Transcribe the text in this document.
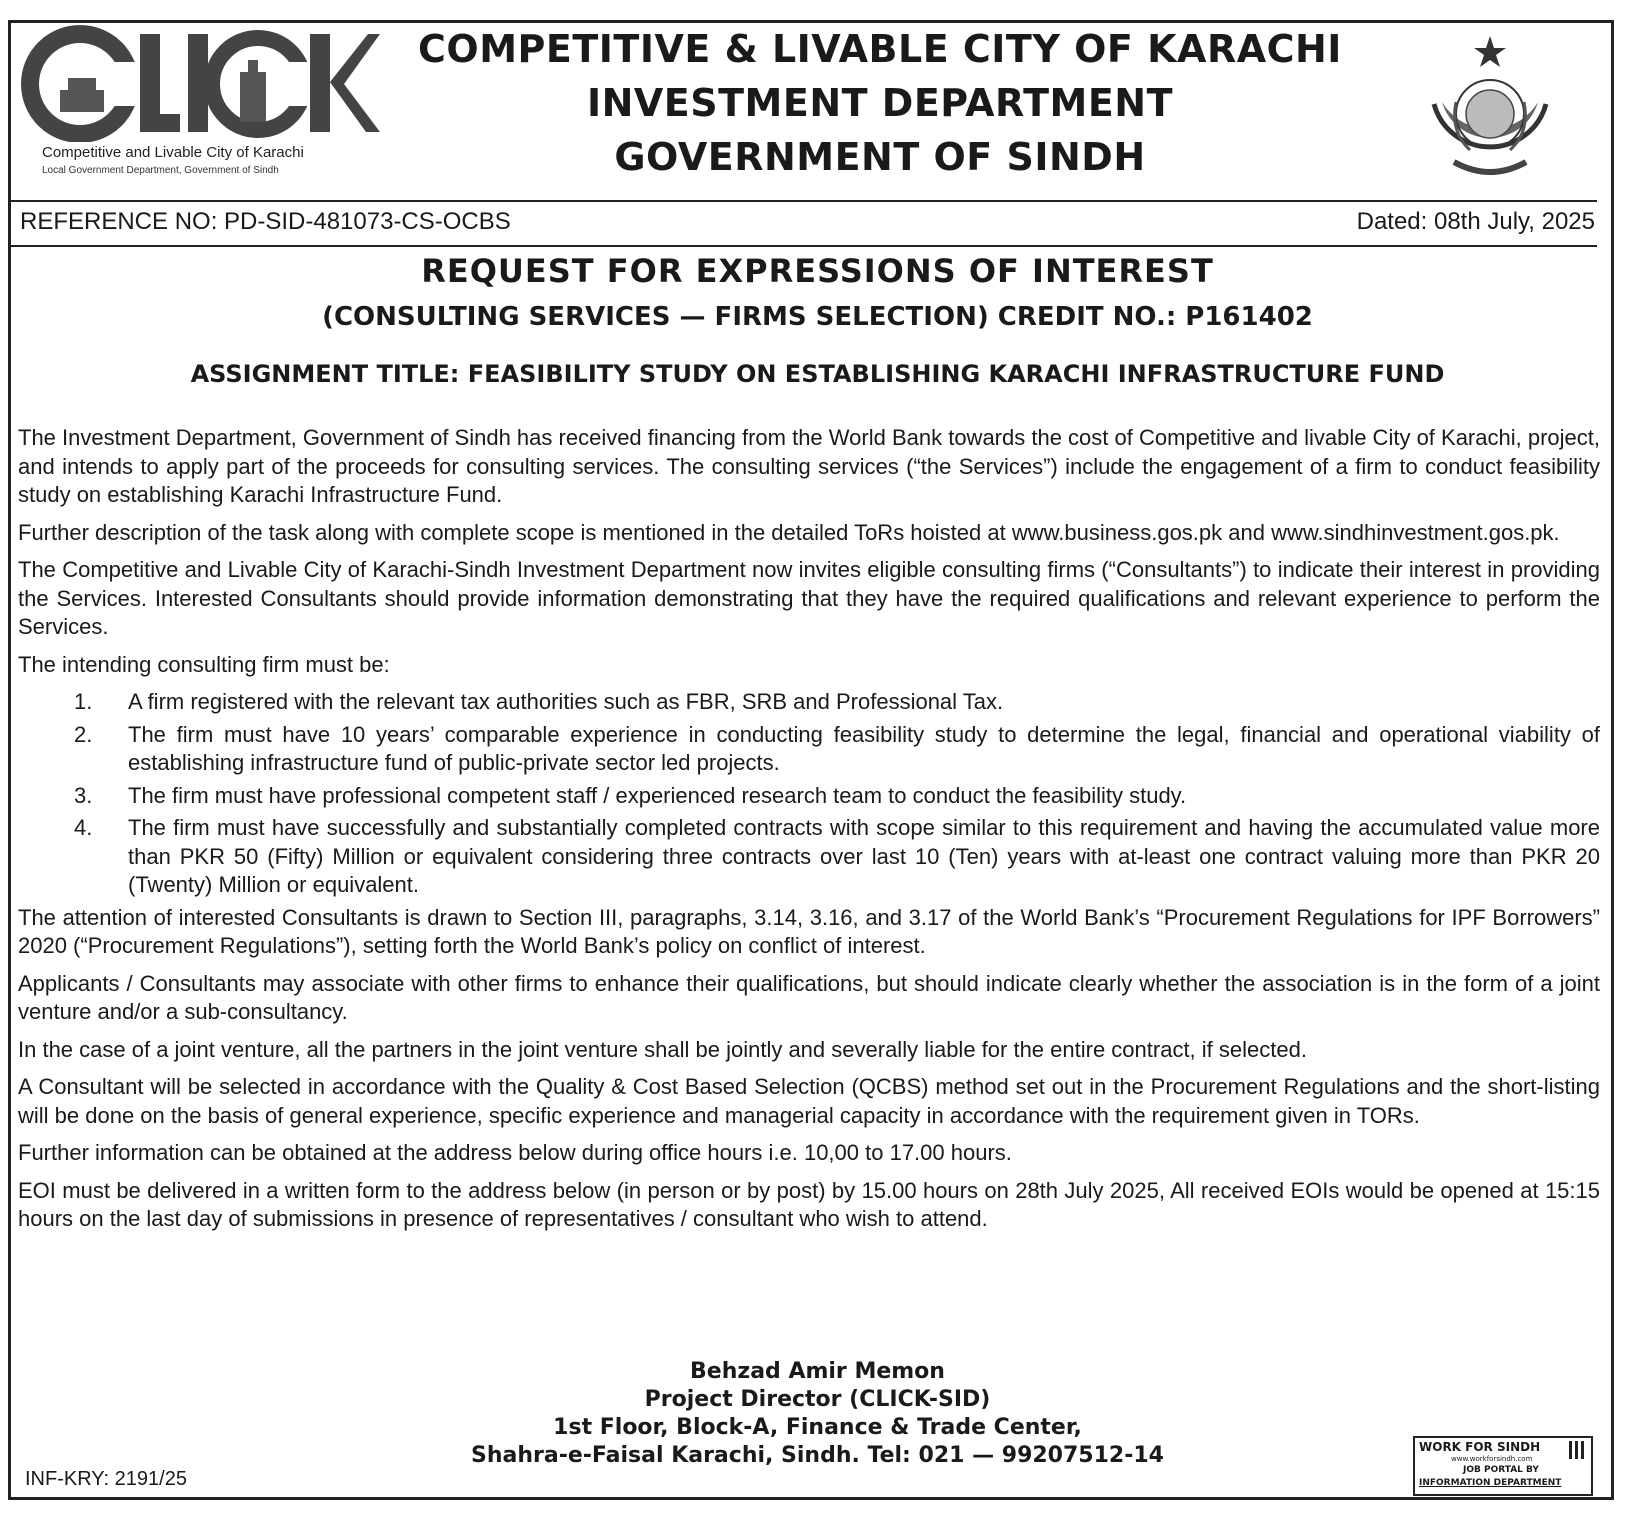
Competitive and Livable City of Karachi
Local Government Department, Government of Sindh
COMPETITIVE & LIVABLE CITY OF KARACHI
INVESTMENT DEPARTMENT
GOVERNMENT OF SINDH
REFERENCE NO: PD-SID-481073-CS-OCBS	Dated: 08th July, 2025
REQUEST FOR EXPRESSIONS OF INTEREST
(CONSULTING SERVICES — FIRMS SELECTION) CREDIT NO.: P161402
ASSIGNMENT TITLE: FEASIBILITY STUDY ON ESTABLISHING KARACHI INFRASTRUCTURE FUND

The Investment Department, Government of Sindh has received financing from the World Bank towards the cost of Competitive and livable City of Karachi, project, and intends to apply part of the proceeds for consulting services. The consulting services (“the Services”) include the engagement of a firm to conduct feasibility study on establishing Karachi Infrastructure Fund.

Further description of the task along with complete scope is mentioned in the detailed ToRs hoisted at www.business.gos.pk and www.sindhinvestment.gos.pk.

The Competitive and Livable City of Karachi-Sindh Investment Department now invites eligible consulting firms (“Consultants”) to indicate their interest in providing the Services. Interested Consultants should provide information demonstrating that they have the required qualifications and relevant experience to perform the Services.

The intending consulting firm must be:

1. A firm registered with the relevant tax authorities such as FBR, SRB and Professional Tax.
2. The firm must have 10 years’ comparable experience in conducting feasibility study to determine the legal, financial and operational viability of establishing infrastructure fund of public-private sector led projects.
3. The firm must have professional competent staff / experienced research team to conduct the feasibility study.
4. The firm must have successfully and substantially completed contracts with scope similar to this requirement and having the accumulated value more than PKR 50 (Fifty) Million or equivalent considering three contracts over last 10 (Ten) years with at-least one contract valuing more than PKR 20 (Twenty) Million or equivalent.

The attention of interested Consultants is drawn to Section III, paragraphs, 3.14, 3.16, and 3.17 of the World Bank’s “Procurement Regulations for IPF Borrowers” 2020 (“Procurement Regulations”), setting forth the World Bank’s policy on conflict of interest.

Applicants / Consultants may associate with other firms to enhance their qualifications, but should indicate clearly whether the association is in the form of a joint venture and/or a sub-consultancy.

In the case of a joint venture, all the partners in the joint venture shall be jointly and severally liable for the entire contract, if selected.

A Consultant will be selected in accordance with the Quality & Cost Based Selection (QCBS) method set out in the Procurement Regulations and the short-listing will be done on the basis of general experience, specific experience and managerial capacity in accordance with the requirement given in TORs.

Further information can be obtained at the address below during office hours i.e. 10,00 to 17.00 hours.

EOI must be delivered in a written form to the address below (in person or by post) by 15.00 hours on 28th July 2025, All received EOIs would be opened at 15:15 hours on the last day of submissions in presence of representatives / consultant who wish to attend.

Behzad Amir Memon
Project Director (CLICK-SID)
1st Floor, Block-A, Finance & Trade Center,
Shahra-e-Faisal Karachi, Sindh. Tel: 021 — 99207512-14
INF-KRY: 2191/25
WORK FOR SINDH
www.workforsindh.com
JOB PORTAL BY
INFORMATION DEPARTMENT
